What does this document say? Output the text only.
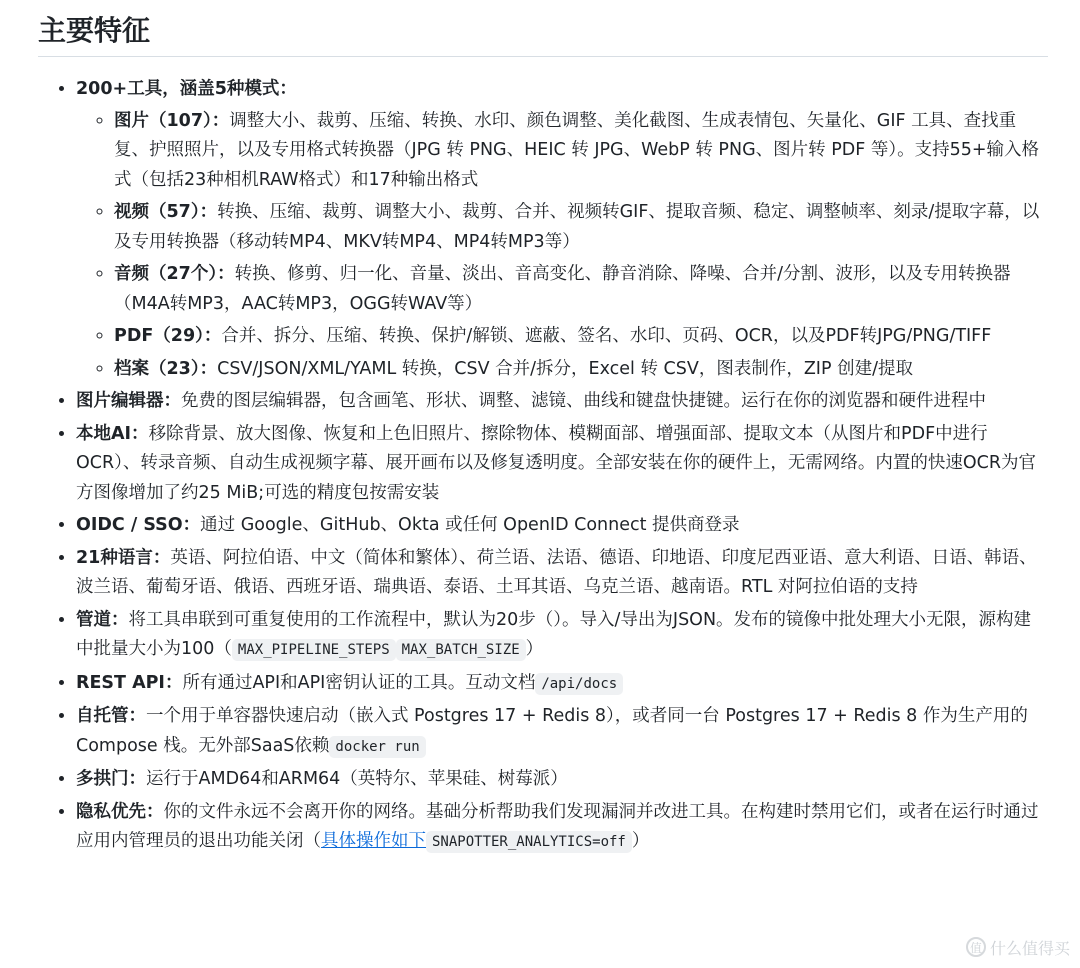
主要特征
• 200+工具，涵盖5种模式：
◦ 图片（107）：调整大小、裁剪、压缩、转换、水印、颜色调整、美化截图、生成表情包、矢量化、GIF 工具、查找重复、护照照片，以及专用格式转换器（JPG 转 PNG、HEIC 转 JPG、WebP 转 PNG、图片转 PDF 等）。支持55+输入格式（包括23种相机RAW格式）和17种输出格式
◦ 视频（57）：转换、压缩、裁剪、调整大小、裁剪、合并、视频转GIF、提取音频、稳定、调整帧率、刻录/提取字幕，以及专用转换器（移动转MP4、MKV转MP4、MP4转MP3等）
◦ 音频（27个）：转换、修剪、归一化、音量、淡出、音高变化、静音消除、降噪、合并/分割、波形，以及专用转换器（M4A转MP3，AAC转MP3，OGG转WAV等）
◦ PDF（29）：合并、拆分、压缩、转换、保护/解锁、遮蔽、签名、水印、页码、OCR，以及PDF转JPG/PNG/TIFF
◦ 档案（23）：CSV/JSON/XML/YAML 转换，CSV 合并/拆分，Excel 转 CSV，图表制作，ZIP 创建/提取
• 图片编辑器：免费的图层编辑器，包含画笔、形状、调整、滤镜、曲线和键盘快捷键。运行在你的浏览器和硬件进程中
• 本地AI：移除背景、放大图像、恢复和上色旧照片、擦除物体、模糊面部、增强面部、提取文本（从图片和PDF中进行OCR）、转录音频、自动生成视频字幕、展开画布以及修复透明度。全部安装在你的硬件上，无需网络。内置的快速OCR为官方图像增加了约25 MiB;可选的精度包按需安装
• OIDC / SSO：通过 Google、GitHub、Okta 或任何 OpenID Connect 提供商登录
• 21种语言：英语、阿拉伯语、中文（简体和繁体）、荷兰语、法语、德语、印地语、印度尼西亚语、意大利语、日语、韩语、波兰语、葡萄牙语、俄语、西班牙语、瑞典语、泰语、土耳其语、乌克兰语、越南语。RTL 对阿拉伯语的支持
• 管道：将工具串联到可重复使用的工作流程中，默认为20步（）。导入/导出为JSON。发布的镜像中批处理大小无限，源构建中批量大小为100（ MAX_PIPELINE_STEPS MAX_BATCH_SIZE ）
• REST API：所有通过API和API密钥认证的工具。互动文档 /api/docs
• 自托管：一个用于单容器快速启动（嵌入式 Postgres 17 + Redis 8），或者同一台 Postgres 17 + Redis 8 作为生产用的 Compose 栈。无外部SaaS依赖 docker run
• 多拱门：运行于AMD64和ARM64（英特尔、苹果硅、树莓派）
• 隐私优先：你的文件永远不会离开你的网络。基础分析帮助我们发现漏洞并改进工具。在构建时禁用它们，或者在运行时通过应用内管理员的退出功能关闭（具体操作如下 SNAPOTTER_ANALYTICS=off ）
值 什么值得买
